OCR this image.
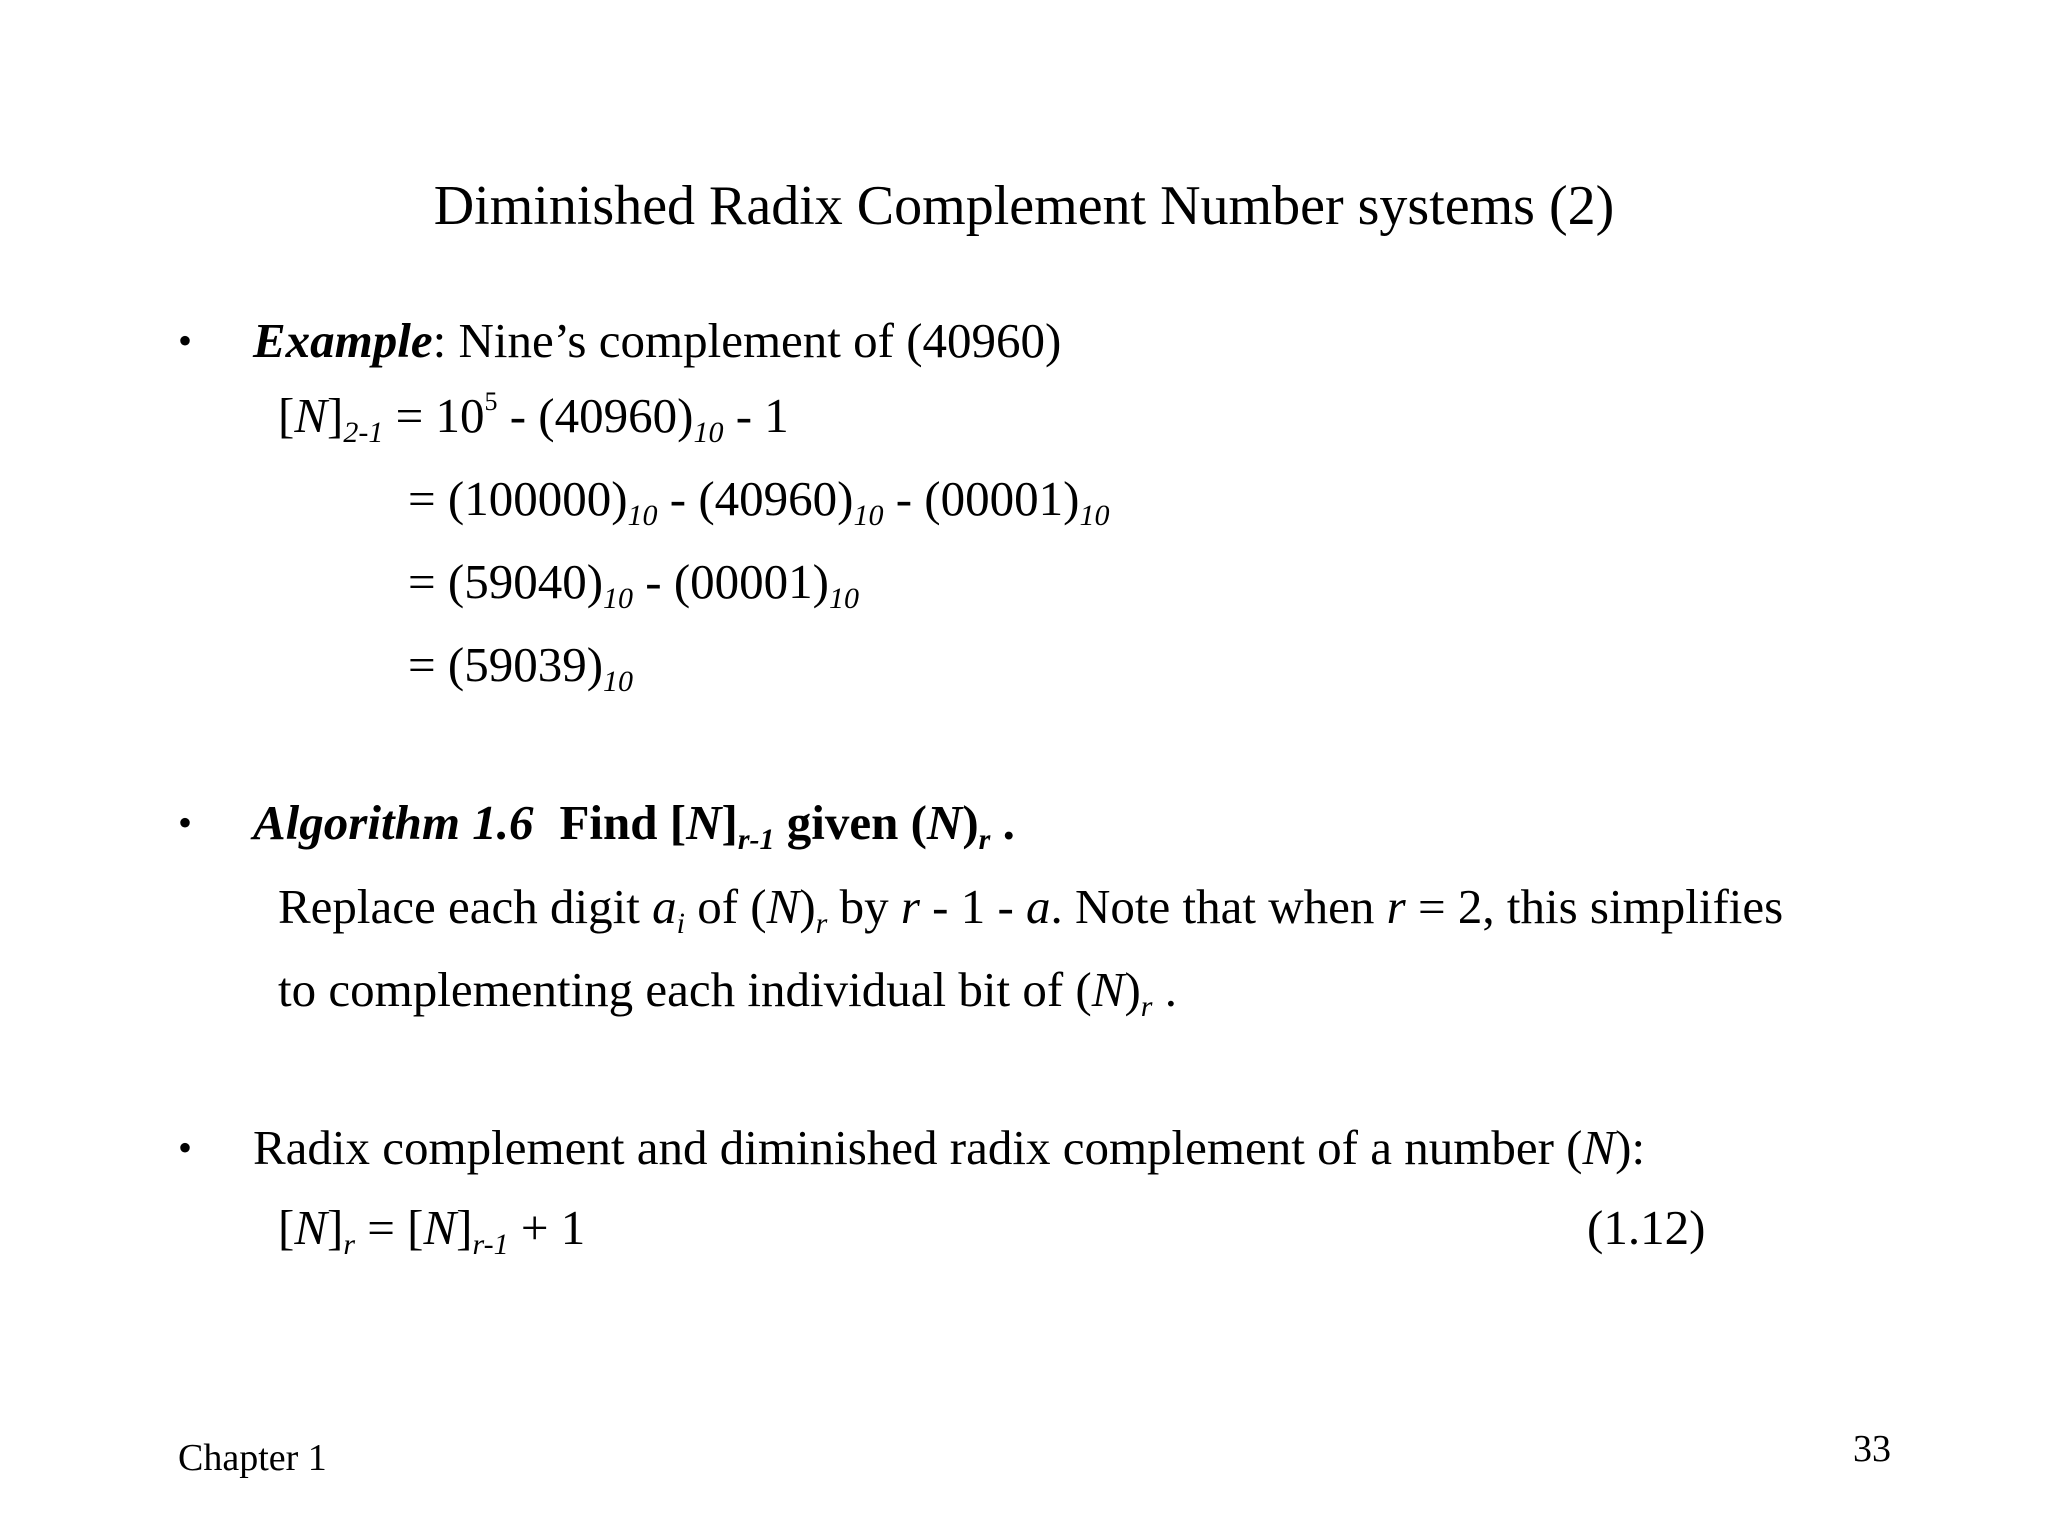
Diminished Radix Complement Number systems (2)
• Example: Nine’s complement of (40960)
$[N]_{2-1} = 10^5 - (40960)_{10} - 1$
= $(100000)_{10} - (40960)_{10} - (00001)_{10}$
= $(59040)_{10} - (00001)_{10}$
= $(59039)_{10}$
• Algorithm 1.6 Find $[N]_{r-1}$ given $(N)_r$ .
Replace each digit $a_i$ of $(N)_r$ by r - 1 - a. Note that when r = 2, this simplifies
to complementing each individual bit of $(N)_r$ .
• Radix complement and diminished radix complement of a number (N):
$[N]_r = [N]_{r-1} + 1$	(1.12)
Chapter 1	33
